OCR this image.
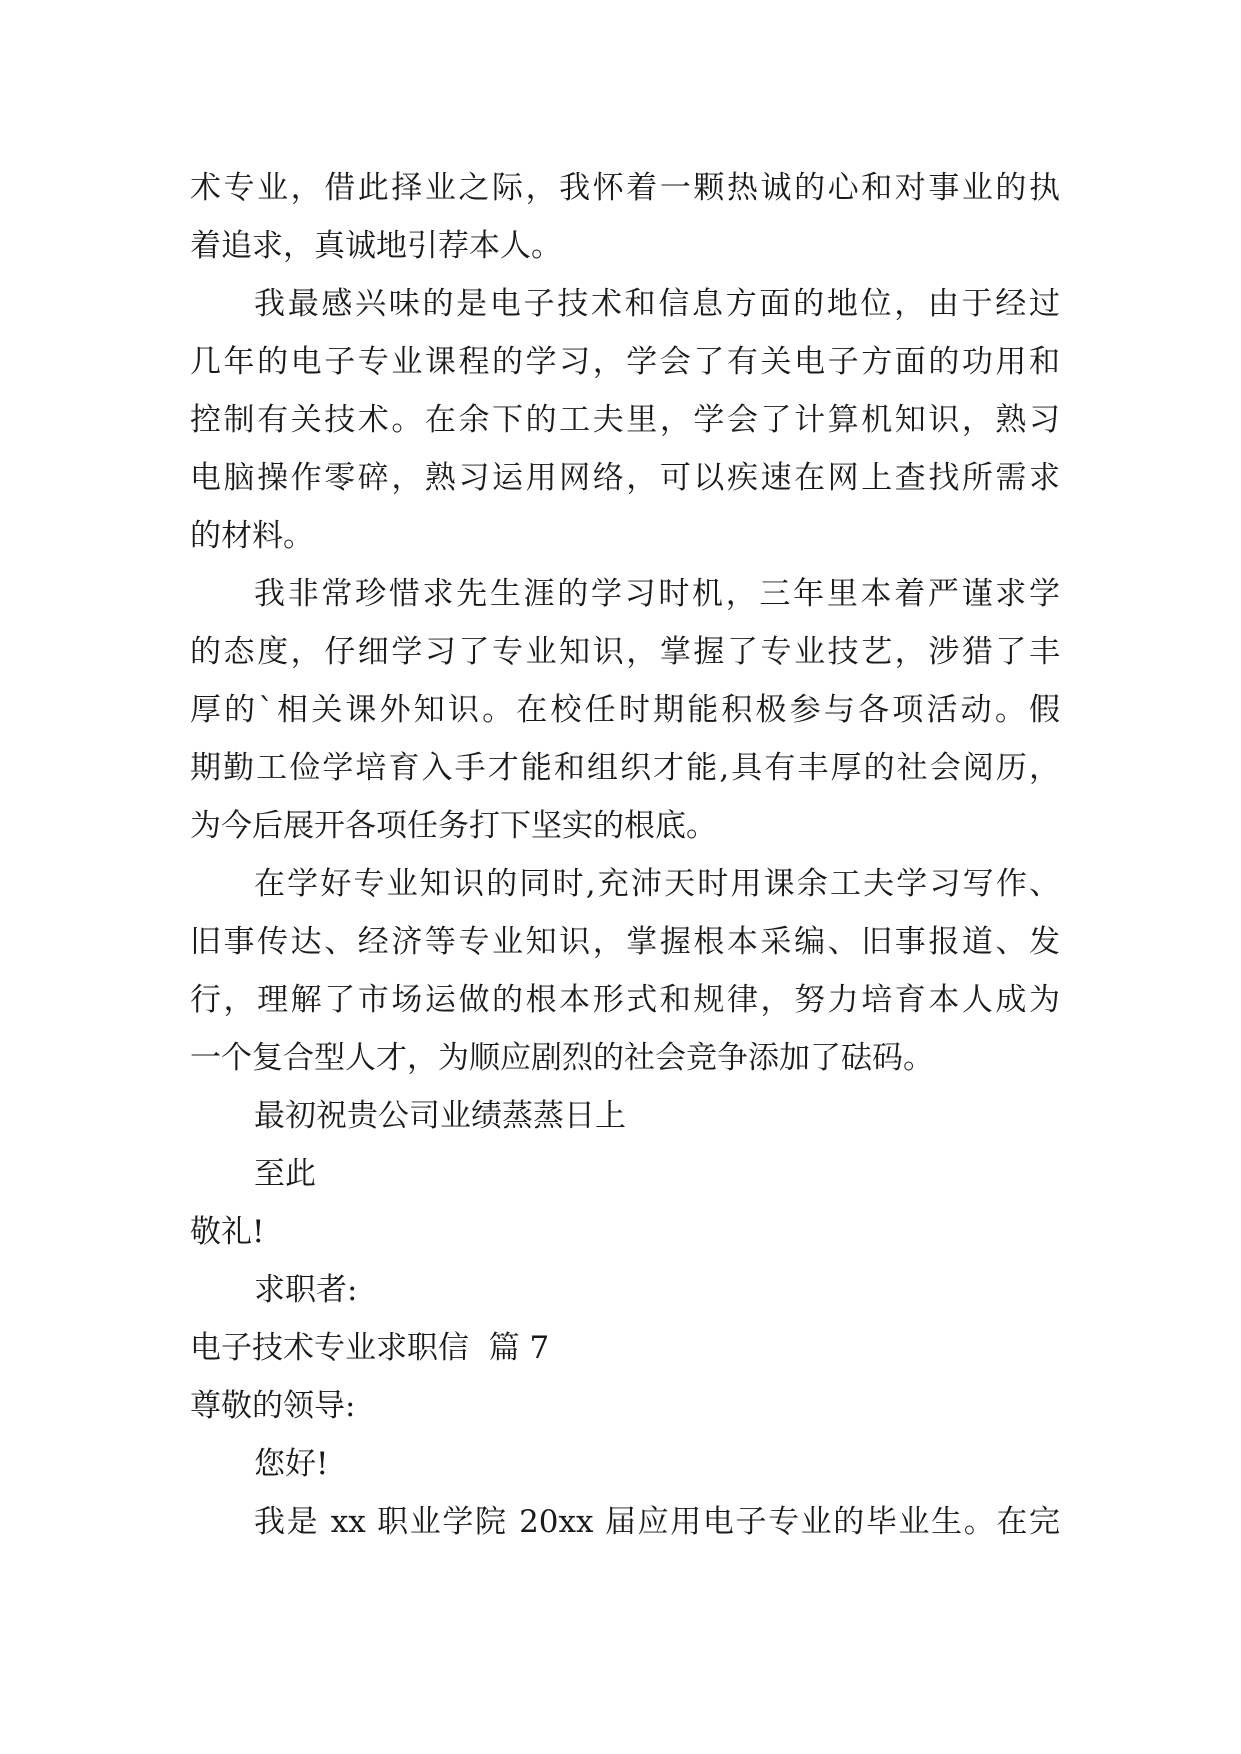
术专业，借此择业之际，我怀着一颗热诚的心和对事业的执
着追求，真诚地引荐本人。
我最感兴味的是电子技术和信息方面的地位，由于经过
几年的电子专业课程的学习，学会了有关电子方面的功用和
控制有关技术。在余下的工夫里，学会了计算机知识，熟习
电脑操作零碎，熟习运用网络，可以疾速在网上查找所需求
的材料。
我非常珍惜求先生涯的学习时机，三年里本着严谨求学
的态度，仔细学习了专业知识，掌握了专业技艺，涉猎了丰
厚的`相关课外知识。在校任时期能积极参与各项活动。假
期勤工俭学培育入手才能和组织才能,具有丰厚的社会阅历，
为今后展开各项任务打下坚实的根底。
在学好专业知识的同时,充沛天时用课余工夫学习写作、
旧事传达、经济等专业知识，掌握根本采编、旧事报道、发
行，理解了市场运做的根本形式和规律，努力培育本人成为
一个复合型人才，为顺应剧烈的社会竞争添加了砝码。
最初祝贵公司业绩蒸蒸日上
至此
敬礼!
求职者:
电子技术专业求职信  篇 7
尊敬的领导:
您好!
我是 xx 职业学院 20xx 届应用电子专业的毕业生。在完
